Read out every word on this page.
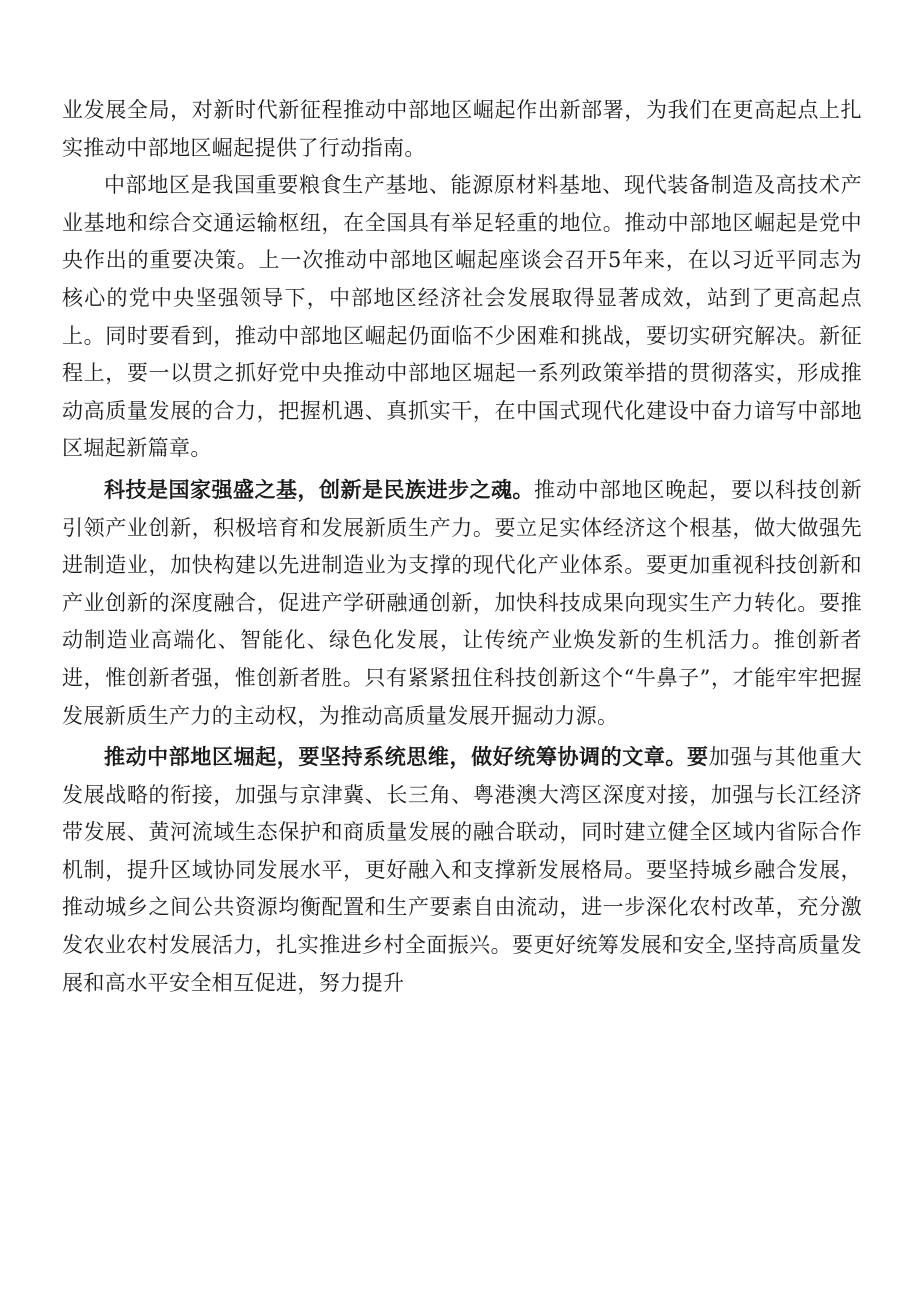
业发展全局，对新时代新征程推动中部地区崛起作出新部署，为我们在更高起点上扎实推动中部地区崛起提供了行动指南。

中部地区是我国重要粮食生产基地、能源原材料基地、现代装备制造及高技术产业基地和综合交通运输枢纽，在全国具有举足轻重的地位。推动中部地区崛起是党中央作出的重要决策。上一次推动中部地区崛起座谈会召开5年来，在以习近平同志为核心的党中央坚强领导下，中部地区经济社会发展取得显著成效，站到了更高起点上。同时要看到，推动中部地区崛起仍面临不少困难和挑战，要切实研究解决。新征程上，要一以贯之抓好党中央推动中部地区堀起一系列政策举措的贯彻落实，形成推动高质量发展的合力，把握机遇、真抓实干，在中国式现代化建设中奋力谙写中部地区堀起新篇章。

科技是国家强盛之基，创新是民族进步之魂。推动中部地区晚起，要以科技创新引领产业创新，积极培育和发展新质生产力。要立足实体经济这个根基，做大做强先进制造业，加快构建以先进制造业为支撑的现代化产业体系。要更加重视科技创新和产业创新的深度融合，促进产学研融通创新，加快科技成果向现实生产力转化。要推动制造业高端化、智能化、绿色化发展，让传统产业焕发新的生机活力。推创新者进，惟创新者强，惟创新者胜。只有紧紧扭住科技创新这个“牛鼻子”，才能牢牢把握发展新质生产力的主动权，为推动高质量发展开掘动力源。

推动中部地区堀起，要坚持系统思维，做好统筹协调的文章。要加强与其他重大发展战略的衔接，加强与京津冀、长三角、粤港澳大湾区深度对接，加强与长江经济带发展、黄河流域生态保护和商质量发展的融合联动，同时建立健全区域内省际合作机制，提升区域协同发展水平，更好融入和支撑新发展格局。要坚持城乡融合发展，推动城乡之间公共资源均衡配置和生产要素自由流动，进一步深化农村改革，充分激发农业农村发展活力，扎实推进乡村全面振兴。要更好统筹发展和安全,坚持高质量发展和高水平安全相互促进，努力提升
